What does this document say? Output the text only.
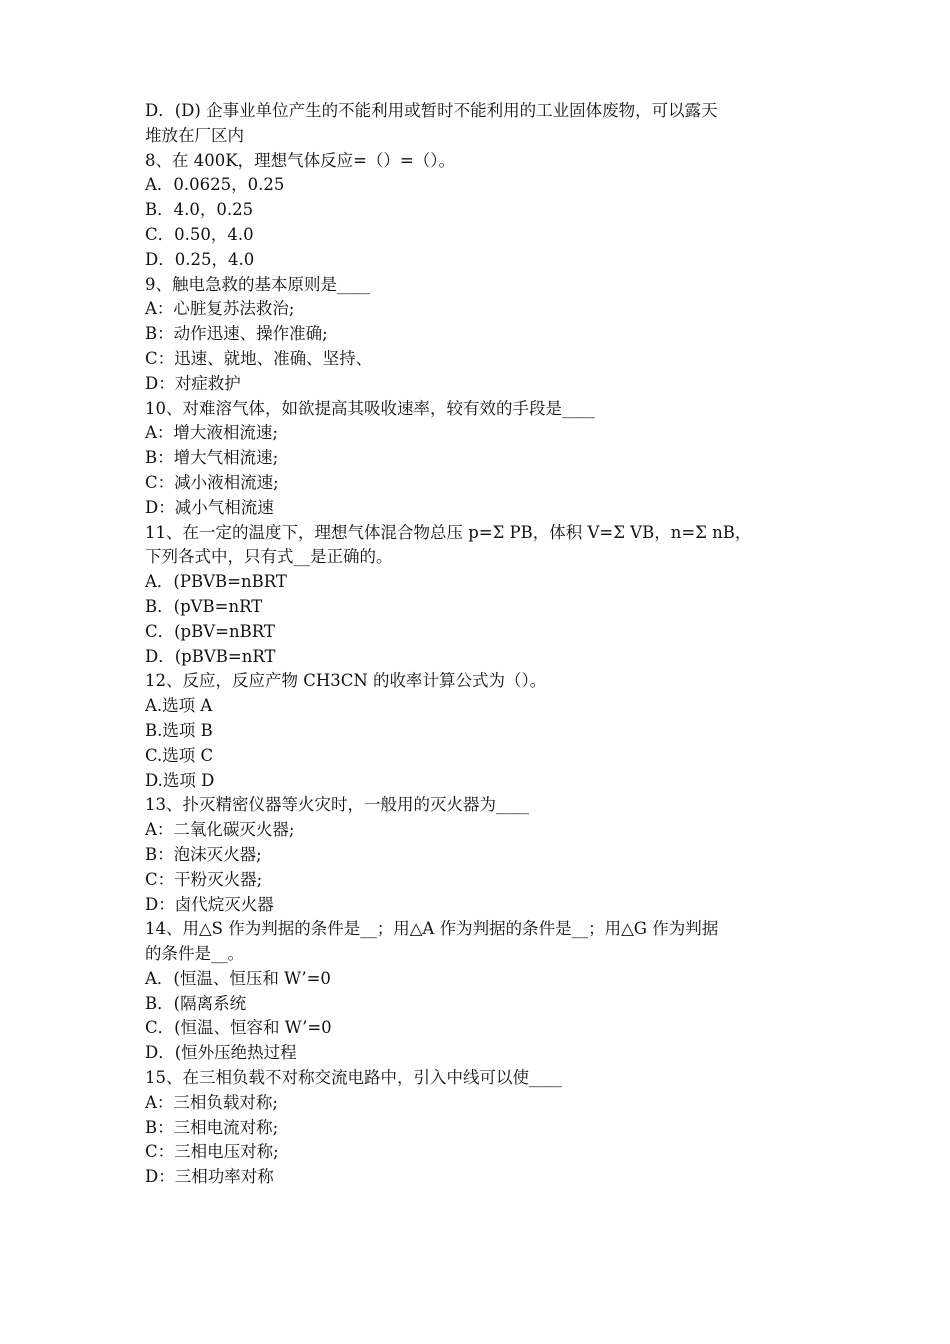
D．(D) 企事业单位产生的不能利用或暂时不能利用的工业固体废物，可以露天
堆放在厂区内
8、在 400K，理想气体反应=（）=（）。
A．0.0625，0.25
B．4.0，0.25
C．0.50，4.0
D．0.25，4.0
9、触电急救的基本原则是____
A：心脏复苏法救治;
B：动作迅速、操作准确;
C：迅速、就地、准确、坚持、
D：对症救护
10、对难溶气体，如欲提高其吸收速率，较有效的手段是____
A：增大液相流速;
B：增大气相流速;
C：减小液相流速;
D：减小气相流速
11、在一定的温度下，理想气体混合物总压 p=Σ PB，体积 V=Σ VB，n=Σ nB，
下列各式中，只有式__是正确的。
A．(PBVB=nBRT
B．(pVB=nRT
C．(pBV=nBRT
D．(pBVB=nRT
12、反应，反应产物 CH3CN 的收率计算公式为（）。
A.选项 A
B.选项 B
C.选项 C
D.选项 D
13、扑灭精密仪器等火灾时，一般用的灭火器为____
A：二氧化碳灭火器;
B：泡沫灭火器;
C：干粉灭火器;
D：卤代烷灭火器
14、用△S 作为判据的条件是__；用△A 作为判据的条件是__；用△G 作为判据
的条件是__。
A．(恒温、恒压和 W’=0
B．(隔离系统
C．(恒温、恒容和 W’=0
D．(恒外压绝热过程
15、在三相负载不对称交流电路中，引入中线可以使____
A：三相负载对称;
B：三相电流对称;
C：三相电压对称;
D：三相功率对称
